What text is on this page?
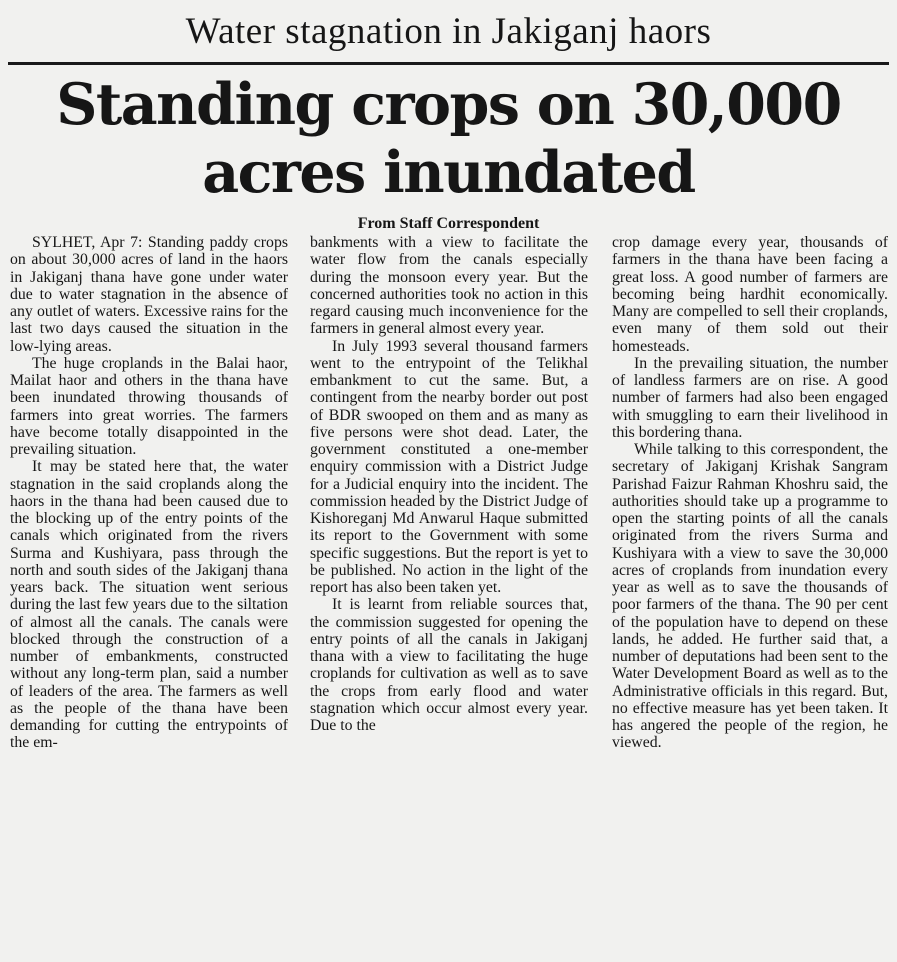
Water stagnation in Jakiganj haors
Standing crops on 30,000
acres inundated
From Staff Correspondent

SYLHET, Apr 7: Standing paddy crops on about 30,000 acres of land in the haors in Jakiganj thana have gone under water due to water stagnation in the absence of any outlet of waters. Excessive rains for the last two days caused the situation in the low-lying areas.

The huge croplands in the Balai haor, Mailat haor and others in the thana have been inundated throwing thousands of farmers into great worries. The farmers have become totally disappointed in the prevailing situation.

It may be stated here that, the water stagnation in the said croplands along the haors in the thana had been caused due to the blocking up of the entry points of the canals which originated from the rivers Surma and Kushiyara, pass through the north and south sides of the Jakiganj thana years back. The situation went serious during the last few years due to the siltation of almost all the canals. The canals were blocked through the construction of a number of embankments, constructed without any long-term plan, said a number of leaders of the area. The farmers as well as the people of the thana have been demanding for cutting the entrypoints of the em-

bankments with a view to facilitate the water flow from the canals especially during the monsoon every year. But the concerned authorities took no action in this regard causing much inconvenience for the farmers in general almost every year.

In July 1993 several thousand farmers went to the entrypoint of the Telikhal embankment to cut the same. But, a contingent from the nearby border out post of BDR swooped on them and as many as five persons were shot dead. Later, the government constituted a one-member enquiry commission with a District Judge for a Judicial enquiry into the incident. The commission headed by the District Judge of Kishoreganj Md Anwarul Haque submitted its report to the Government with some specific suggestions. But the report is yet to be published. No action in the light of the report has also been taken yet.

It is learnt from reliable sources that, the commission suggested for opening the entry points of all the canals in Jakiganj thana with a view to facilitating the huge croplands for cultivation as well as to save the crops from early flood and water stagnation which occur almost every year. Due to the

crop damage every year, thousands of farmers in the thana have been facing a great loss. A good number of farmers are becoming being hardhit economically. Many are compelled to sell their croplands, even many of them sold out their homesteads.

In the prevailing situation, the number of landless farmers are on rise. A good number of farmers had also been engaged with smuggling to earn their livelihood in this bordering thana.

While talking to this correspondent, the secretary of Jakiganj Krishak Sangram Parishad Faizur Rahman Khoshru said, the authorities should take up a programme to open the starting points of all the canals originated from the rivers Surma and Kushiyara with a view to save the 30,000 acres of croplands from inundation every year as well as to save the thousands of poor farmers of the thana. The 90 per cent of the population have to depend on these lands, he added. He further said that, a number of deputations had been sent to the Water Development Board as well as to the Administrative officials in this regard. But, no effective measure has yet been taken. It has angered the people of the region, he viewed.
